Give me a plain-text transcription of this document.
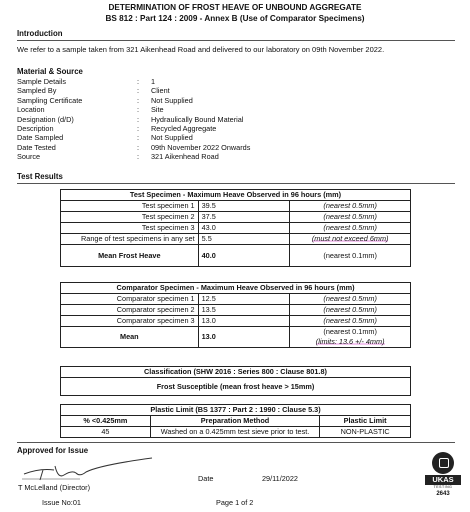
DETERMINATION OF FROST HEAVE OF UNBOUND AGGREGATE
BS 812 : Part 124 : 2009 - Annex B (Use of Comparator Specimens)
Introduction
We refer to a sample taken from 321 Aikenhead Road and delivered to our laboratory on 09th November 2022.
Material & Source
Sample Details	: 1
Sampled By	: Client
Sampling Certificate	: Not Supplied
Location	: Site
Designation (d/D)	: Hydraulically Bound Material
Description	: Recycled Aggregate
Date Sampled	: Not Supplied
Date Tested	: 09th November 2022 Onwards
Source	: 321 Aikenhead Road
Test Results
Test Specimen - Maximum Heave Observed in 96 hours (mm)		
Test specimen 1	39.5	(nearest 0.5mm)
Test specimen 2	37.5	(nearest 0.5mm)
Test specimen 3	43.0	(nearest 0.5mm)
Range of test specimens in any set	5.5	(must not exceed 6mm)
Mean Frost Heave	40.0	(nearest 0.1mm)
Comparator Specimen - Maximum Heave Observed in 96 hours (mm)		
Comparator specimen 1	12.5	(nearest 0.5mm)
Comparator specimen 2	13.5	(nearest 0.5mm)
Comparator specimen 3	13.0	(nearest 0.5mm)
Mean	13.0	(nearest 0.1mm)
		(limits: 13.6 +/- 4mm)
Classification (SHW 2016 : Series 800 : Clause 801.8)
Frost Susceptible (mean frost heave > 15mm)
Plastic Limit (BS 1377 : Part 2 : 1990 : Clause 5.3)		
% <0.425mm	Preparation Method	Plastic Limit
45	Washed on a 0.425mm test sieve prior to test.	NON-PLASTIC
Approved for Issue
T McLelland (Director)
Date	29/11/2022
Issue No:01	Page 1 of 2
UKAS
TESTING
2643
